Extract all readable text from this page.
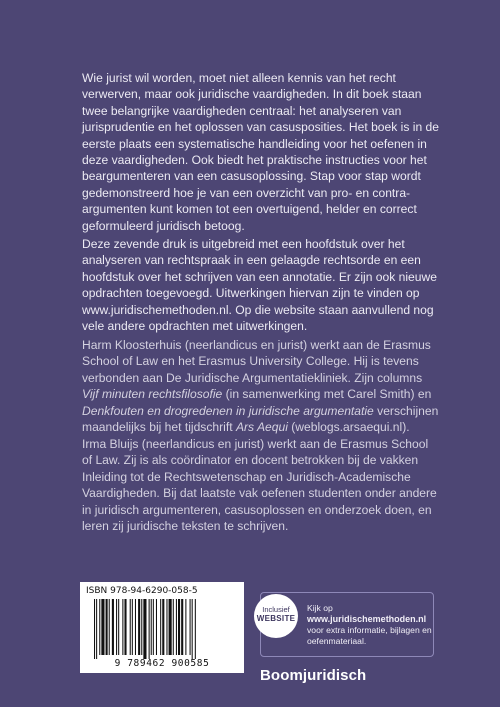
Wie jurist wil worden, moet niet alleen kennis van het recht
verwerven, maar ook juridische vaardigheden. In dit boek staan
twee belangrijke vaardigheden centraal: het analyseren van
jurisprudentie en het oplossen van casusposities. Het boek is in de
eerste plaats een systematische handleiding voor het oefenen in
deze vaardigheden. Ook biedt het praktische instructies voor het
beargumenteren van een casusoplossing. Stap voor stap wordt
gedemonstreerd hoe je van een overzicht van pro- en contra-
argumenten kunt komen tot een overtuigend, helder en correct
geformuleerd juridisch betoog.
Deze zevende druk is uitgebreid met een hoofdstuk over het
analyseren van rechtspraak in een gelaagde rechtsorde en een
hoofdstuk over het schrijven van een annotatie. Er zijn ook nieuwe
opdrachten toegevoegd. Uitwerkingen hiervan zijn te vinden op
www.juridischemethoden.nl. Op die website staan aanvullend nog
vele andere opdrachten met uitwerkingen.
Harm Kloosterhuis (neerlandicus en jurist) werkt aan de Erasmus
School of Law en het Erasmus University College. Hij is tevens
verbonden aan De Juridische Argumentatiekliniek. Zijn columns
Vijf minuten rechtsfilosofie (in samenwerking met Carel Smith) en
Denkfouten en drogredenen in juridische argumentatie verschijnen
maandelijks bij het tijdschrift Ars Aequi (weblogs.arsaequi.nl).
Irma Bluijs (neerlandicus en jurist) werkt aan de Erasmus School
of Law. Zij is als coördinator en docent betrokken bij de vakken
Inleiding tot de Rechtswetenschap en Juridisch-Academische
Vaardigheden. Bij dat laatste vak oefenen studenten onder andere
in juridisch argumenteren, casusoplossen en onderzoek doen, en
leren zij juridische teksten te schrijven.
ISBN 978-94-6290-058-5
9 789462 900585
Inclusief
WEBSITE
Kijk op
www.juridischemethoden.nl
voor extra informatie, bijlagen en
oefenmateriaal.
Boomjuridisch
